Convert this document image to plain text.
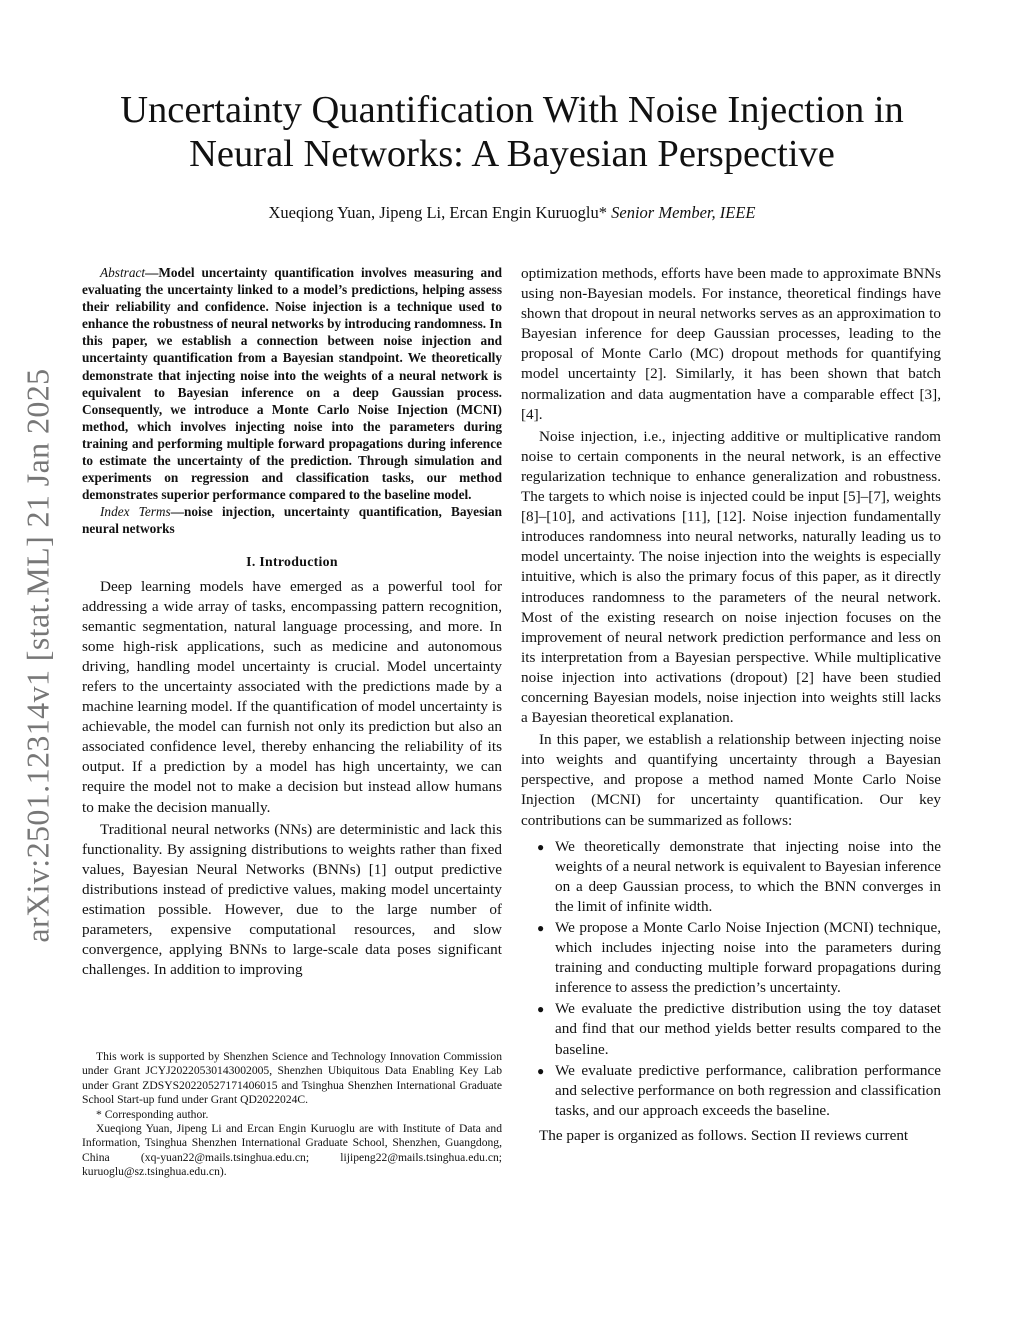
arXiv:2501.12314v1 [stat.ML] 21 Jan 2025
Uncertainty Quantification With Noise Injection in Neural Networks: A Bayesian Perspective
Xueqiong Yuan, Jipeng Li, Ercan Engin Kuruoglu* Senior Member, IEEE

Abstract—Model uncertainty quantification involves measuring and evaluating the uncertainty linked to a model’s predictions, helping assess their reliability and confidence. Noise injection is a technique used to enhance the robustness of neural networks by introducing randomness. In this paper, we establish a connection between noise injection and uncertainty quantification from a Bayesian standpoint. We theoretically demonstrate that injecting noise into the weights of a neural network is equivalent to Bayesian inference on a deep Gaussian process. Consequently, we introduce a Monte Carlo Noise Injection (MCNI) method, which involves injecting noise into the parameters during training and performing multiple forward propagations during inference to estimate the uncertainty of the prediction. Through simulation and experiments on regression and classification tasks, our method demonstrates superior performance compared to the baseline model.

Index Terms—noise injection, uncertainty quantification, Bayesian neural networks

I. Introduction

Deep learning models have emerged as a powerful tool for addressing a wide array of tasks, encompassing pattern recognition, semantic segmentation, natural language processing, and more. In some high-risk applications, such as medicine and autonomous driving, handling model uncertainty is crucial. Model uncertainty refers to the uncertainty associated with the predictions made by a machine learning model. If the quantification of model uncertainty is achievable, the model can furnish not only its prediction but also an associated confidence level, thereby enhancing the reliability of its output. If a prediction by a model has high uncertainty, we can require the model not to make a decision but instead allow humans to make the decision manually.

Traditional neural networks (NNs) are deterministic and lack this functionality. By assigning distributions to weights rather than fixed values, Bayesian Neural Networks (BNNs) [1] output predictive distributions instead of predictive values, making model uncertainty estimation possible. However, due to the large number of parameters, expensive computational resources, and slow convergence, applying BNNs to large-scale data poses significant challenges. In addition to improving

This work is supported by Shenzhen Science and Technology Innovation Commission under Grant JCYJ20220530143002005, Shenzhen Ubiquitous Data Enabling Key Lab under Grant ZDSYS20220527171406015 and Tsinghua Shenzhen International Graduate School Start-up fund under Grant QD2022024C.

* Corresponding author.

Xueqiong Yuan, Jipeng Li and Ercan Engin Kuruoglu are with Institute of Data and Information, Tsinghua Shenzhen International Graduate School, Shenzhen, Guangdong, China (xq-yuan22@mails.tsinghua.edu.cn; lijipeng22@mails.tsinghua.edu.cn; kuruoglu@sz.tsinghua.edu.cn).

optimization methods, efforts have been made to approximate BNNs using non-Bayesian models. For instance, theoretical findings have shown that dropout in neural networks serves as an approximation to Bayesian inference for deep Gaussian processes, leading to the proposal of Monte Carlo (MC) dropout methods for quantifying model uncertainty [2]. Similarly, it has been shown that batch normalization and data augmentation have a comparable effect [3], [4].

Noise injection, i.e., injecting additive or multiplicative random noise to certain components in the neural network, is an effective regularization technique to enhance generalization and robustness. The targets to which noise is injected could be input [5]–[7], weights [8]–[10], and activations [11], [12]. Noise injection fundamentally introduces randomness into neural networks, naturally leading us to model uncertainty. The noise injection into the weights is especially intuitive, which is also the primary focus of this paper, as it directly introduces randomness to the parameters of the neural network. Most of the existing research on noise injection focuses on the improvement of neural network prediction performance and less on its interpretation from a Bayesian perspective. While multiplicative noise injection into activations (dropout) [2] have been studied concerning Bayesian models, noise injection into weights still lacks a Bayesian theoretical explanation.

In this paper, we establish a relationship between injecting noise into weights and quantifying uncertainty through a Bayesian perspective, and propose a method named Monte Carlo Noise Injection (MCNI) for uncertainty quantification. Our key contributions can be summarized as follows:

● We theoretically demonstrate that injecting noise into the weights of a neural network is equivalent to Bayesian inference on a deep Gaussian process, to which the BNN converges in the limit of infinite width.
● We propose a Monte Carlo Noise Injection (MCNI) technique, which includes injecting noise into the parameters during training and conducting multiple forward propagations during inference to assess the prediction’s uncertainty.
● We evaluate the predictive distribution using the toy dataset and find that our method yields better results compared to the baseline.
● We evaluate predictive performance, calibration performance and selective performance on both regression and classification tasks, and our approach exceeds the baseline.

The paper is organized as follows. Section II reviews current
